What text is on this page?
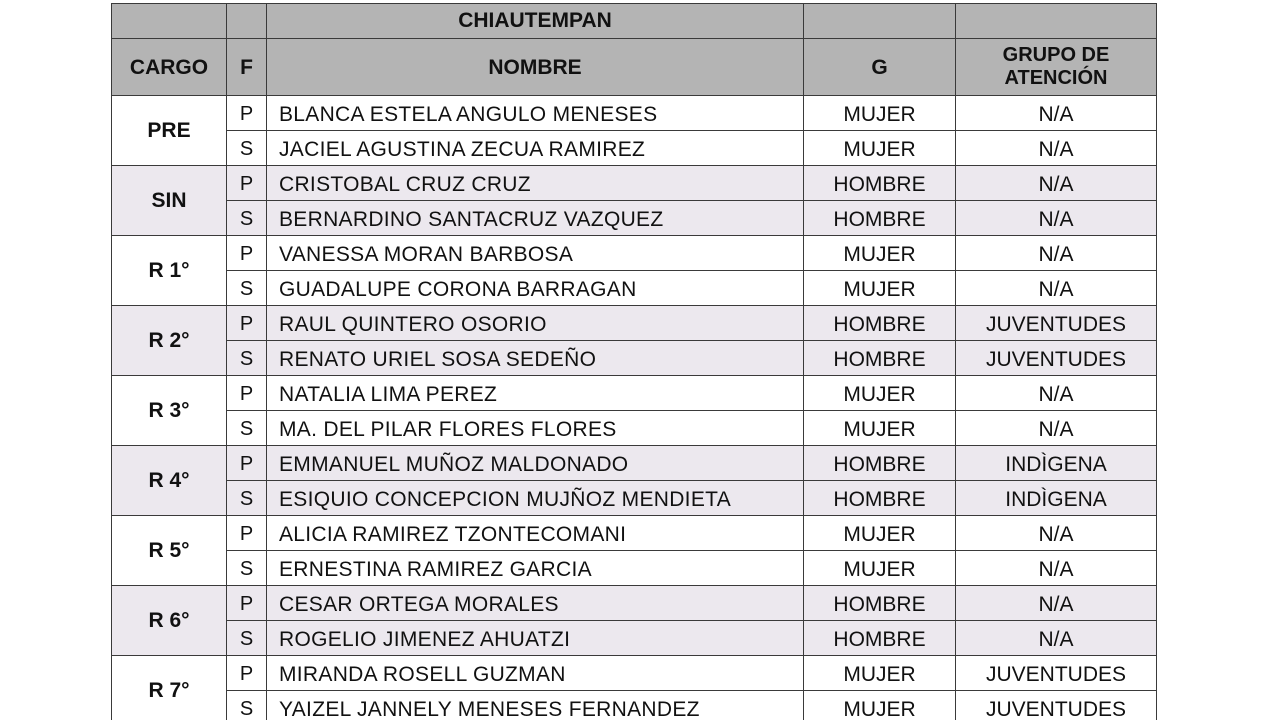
		CHIAUTEMPAN		
CARGO	F	NOMBRE	G	GRUPO DE
ATENCIÓN
PRE	P	BLANCA ESTELA ANGULO MENESES	MUJER	N/A
	S	JACIEL AGUSTINA ZECUA RAMIREZ	MUJER	N/A
SIN	P	CRISTOBAL CRUZ CRUZ	HOMBRE	N/A
	S	BERNARDINO SANTACRUZ VAZQUEZ	HOMBRE	N/A
R 1°	P	VANESSA MORAN BARBOSA	MUJER	N/A
	S	GUADALUPE CORONA BARRAGAN	MUJER	N/A
R 2°	P	RAUL QUINTERO OSORIO	HOMBRE	JUVENTUDES
	S	RENATO URIEL SOSA SEDEÑO	HOMBRE	JUVENTUDES
R 3°	P	NATALIA LIMA PEREZ	MUJER	N/A
	S	MA. DEL PILAR FLORES FLORES	MUJER	N/A
R 4°	P	EMMANUEL MUÑOZ MALDONADO	HOMBRE	INDÌGENA
	S	ESIQUIO CONCEPCION MUJÑOZ MENDIETA	HOMBRE	INDÌGENA
R 5°	P	ALICIA RAMIREZ TZONTECOMANI	MUJER	N/A
	S	ERNESTINA RAMIREZ GARCIA	MUJER	N/A
R 6°	P	CESAR ORTEGA MORALES	HOMBRE	N/A
	S	ROGELIO JIMENEZ AHUATZI	HOMBRE	N/A
R 7°	P	MIRANDA ROSELL GUZMAN	MUJER	JUVENTUDES
	S	YAIZEL JANNELY MENESES FERNANDEZ	MUJER	JUVENTUDES
